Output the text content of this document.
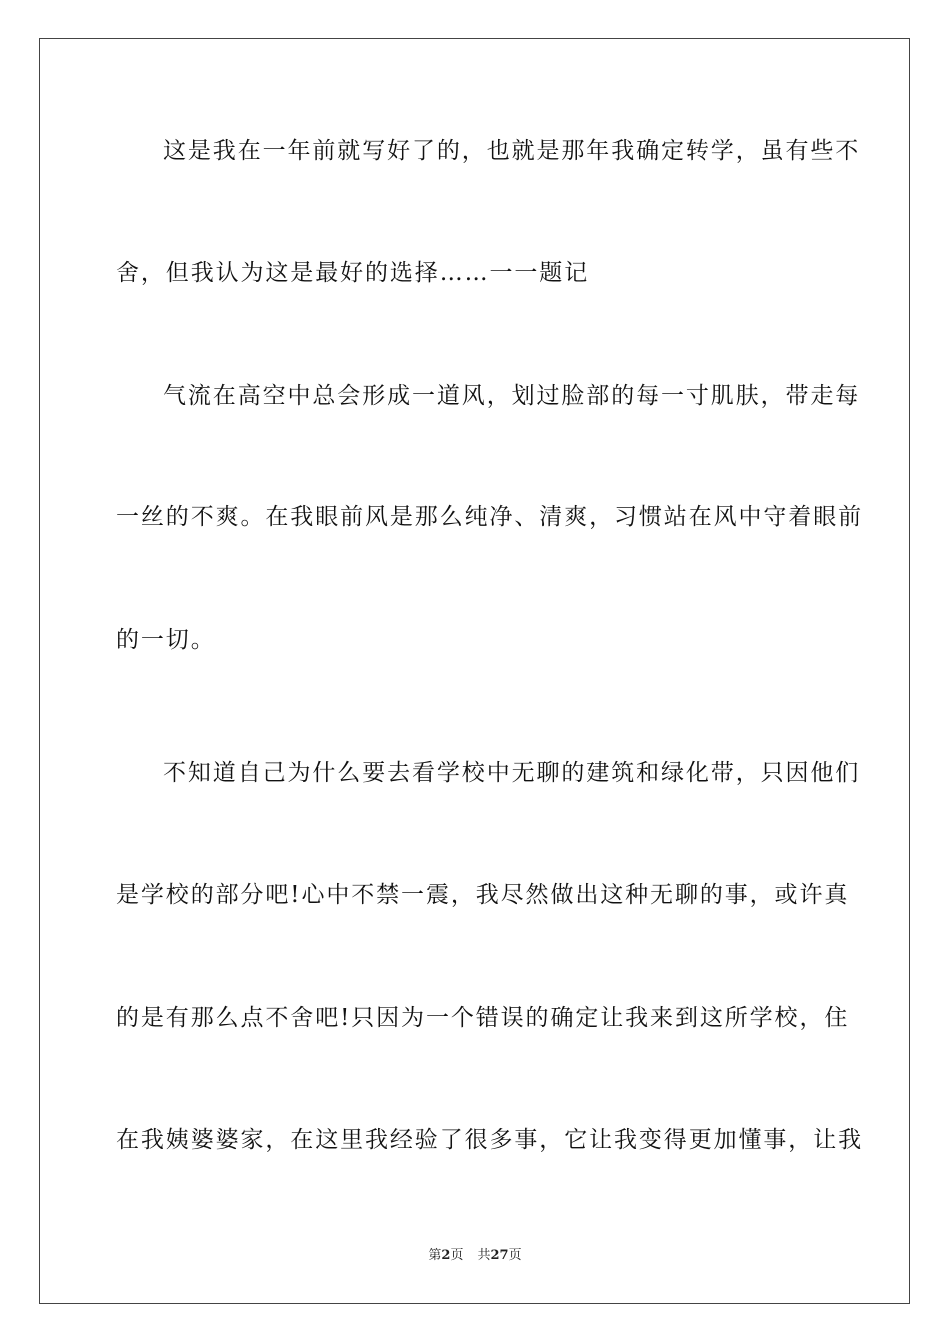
这是我在一年前就写好了的，也就是那年我确定转学，虽有些不
舍，但我认为这是最好的选择……一一题记
气流在高空中总会形成一道风，划过脸部的每一寸肌肤，带走每
一丝的不爽。在我眼前风是那么纯净、清爽，习惯站在风中守着眼前
的一切。
不知道自己为什么要去看学校中无聊的建筑和绿化带，只因他们
是学校的部分吧!心中不禁一震，我尽然做出这种无聊的事，或许真
的是有那么点不舍吧!只因为一个错误的确定让我来到这所学校，住
在我姨婆婆家，在这里我经验了很多事，它让我变得更加懂事，让我
第2页 共27页
